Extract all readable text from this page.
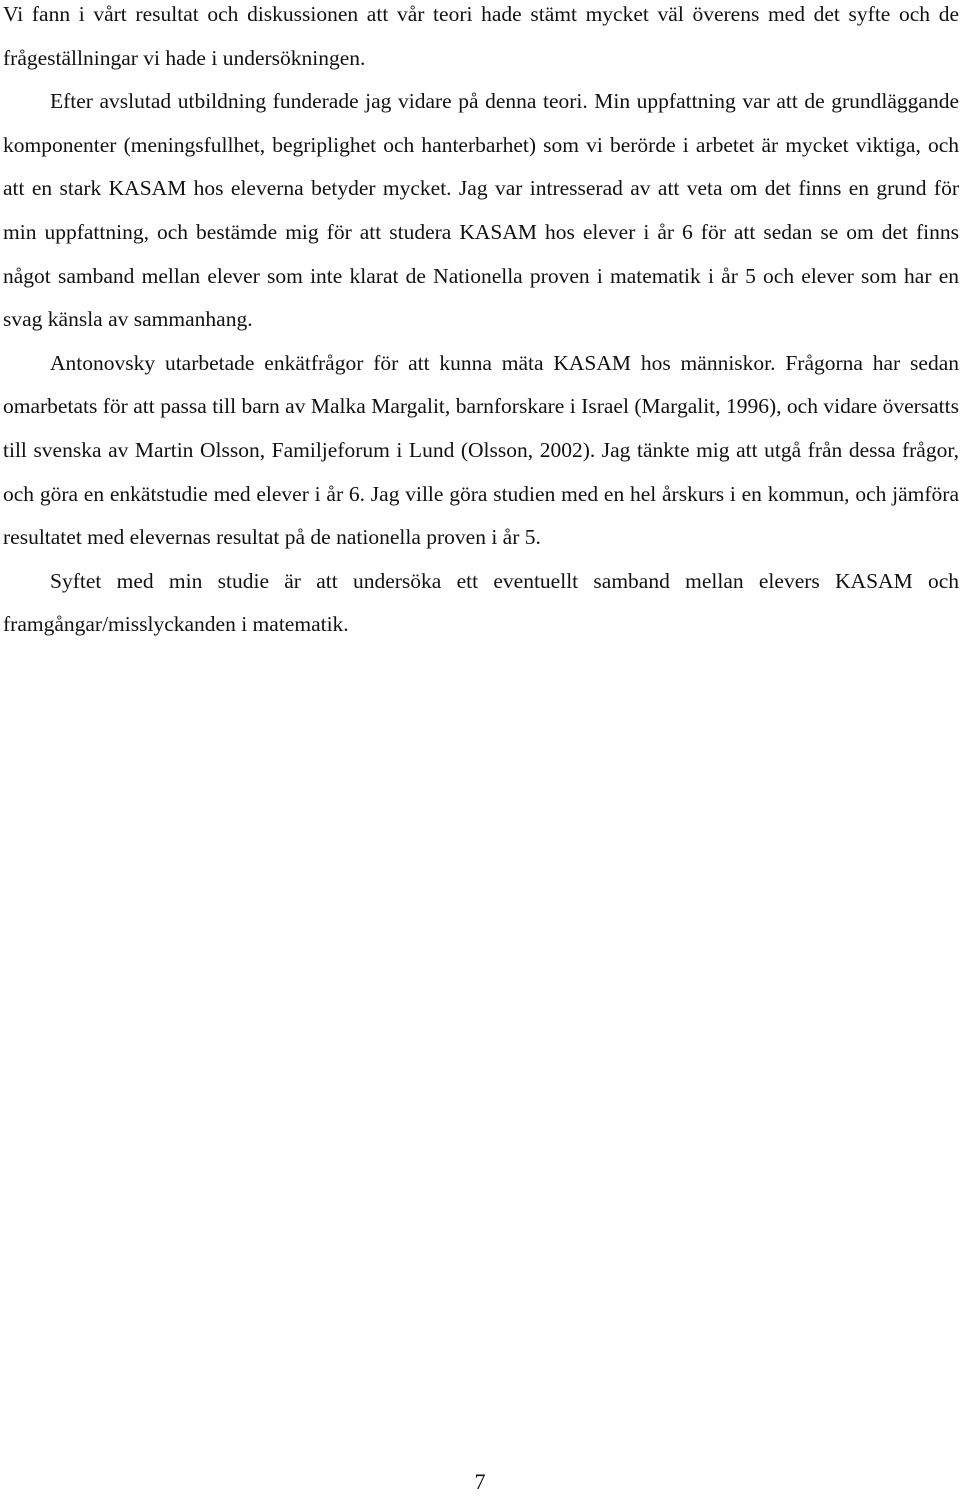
Vi fann i vårt resultat och diskussionen att vår teori hade stämt mycket väl överens med det syfte och de frågeställningar vi hade i undersökningen.

Efter avslutad utbildning funderade jag vidare på denna teori. Min uppfattning var att de grundläggande komponenter (meningsfullhet, begriplighet och hanterbarhet) som vi berörde i arbetet är mycket viktiga, och att en stark KASAM hos eleverna betyder mycket. Jag var intresserad av att veta om det finns en grund för min uppfattning, och bestämde mig för att studera KASAM hos elever i år 6 för att sedan se om det finns något samband mellan elever som inte klarat de Nationella proven i matematik i år 5 och elever som har en svag känsla av sammanhang.

Antonovsky utarbetade enkätfrågor för att kunna mäta KASAM hos människor. Frågorna har sedan omarbetats för att passa till barn av Malka Margalit, barnforskare i Israel (Margalit, 1996), och vidare översatts till svenska av Martin Olsson, Familjeforum i Lund (Olsson, 2002). Jag tänkte mig att utgå från dessa frågor, och göra en enkätstudie med elever i år 6. Jag ville göra studien med en hel årskurs i en kommun, och jämföra resultatet med elevernas resultat på de nationella proven i år 5.

Syftet med min studie är att undersöka ett eventuellt samband mellan elevers KASAM och framgångar/misslyckanden i matematik.

7
